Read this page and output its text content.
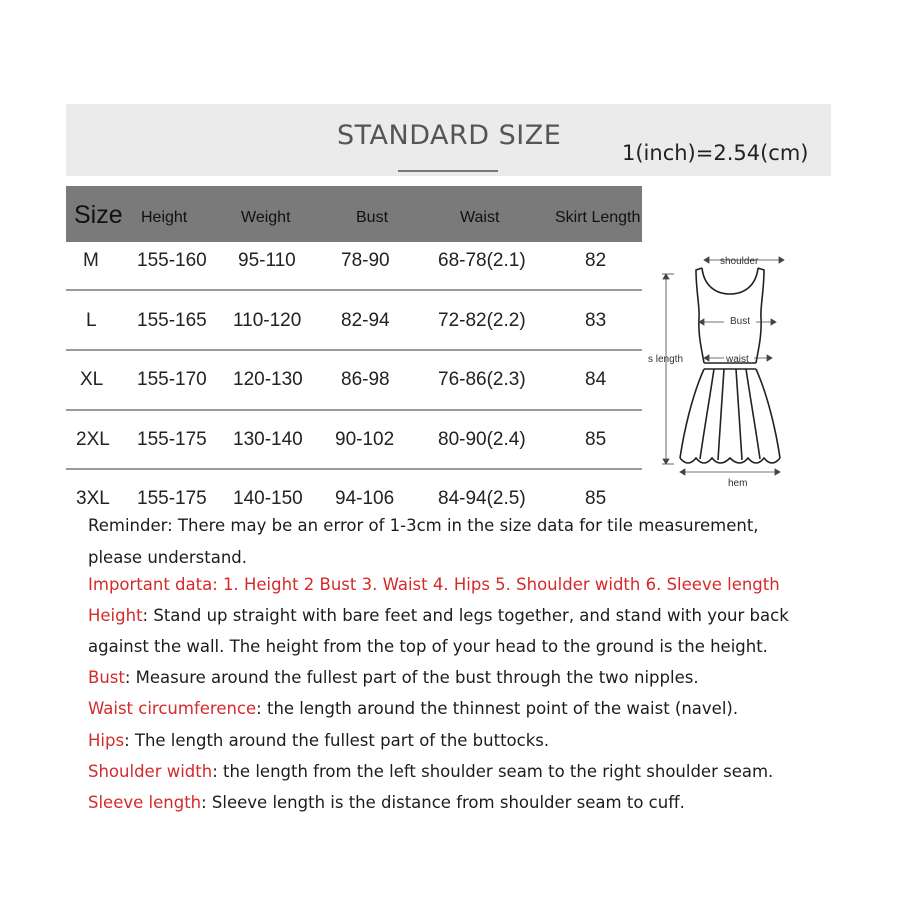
STANDARD SIZE
1(inch)=2.54(cm)
Size Height	Weight	Bust	Waist	Skirt Length
M 155-160 95-110 78-90	68-78(2.1)	82
L 155-165 110-120 82-94	72-82(2.2)	83
XL 155-170 120-130 86-98	76-86(2.3)	84
2XL 155-175 130-140 90-102 80-90(2.4)	85
3XL 155-175 140-150 94-106 84-94(2.5)	85
shoulder
Bust
waist
s length
hem
Reminder: There may be an error of 1-3cm in the size data for tile measurement,
please understand.
Important data: 1. Height 2 Bust 3. Waist 4. Hips 5. Shoulder width 6. Sleeve length
Height: Stand up straight with bare feet and legs together, and stand with your back
against the wall. The height from the top of your head to the ground is the height.
Bust: Measure around the fullest part of the bust through the two nipples.
Waist circumference: the length around the thinnest point of the waist (navel).
Hips: The length around the fullest part of the buttocks.
Shoulder width: the length from the left shoulder seam to the right shoulder seam.
Sleeve length: Sleeve length is the distance from shoulder seam to cuff.
